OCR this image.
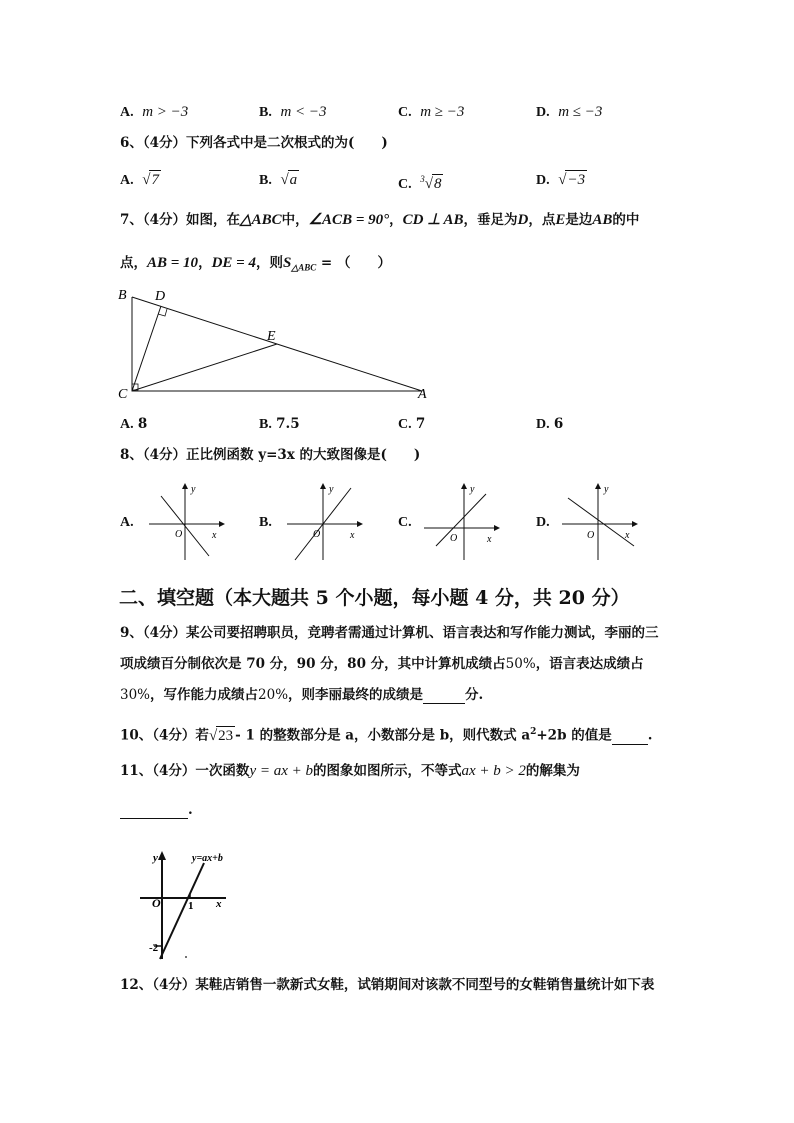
A. m > −3	B. m < −3	C. m ≥ −3	D. m ≤ −3
6、（4分）下列各式中是二次根式的为(　　)
A. √7	B. √a	C. $^3$√8	D. √−3
7、（4分）如图，在△ABC中，∠ACB = 90°，CD ⊥ AB，垂足为D，点E是边AB的中
点，AB = 10，DE = 4，则$S_{\triangle ABC}$ = （　　）
B D
E
C	A
A. 8	B. 7.5	C. 7	D. 6
8、（4分）正比例函数 y=3x 的大致图像是(　　)
A.
y
x
O
B.
y
x
O
C.
y
x
O
D.
y
x
O
二、填空题（本大题共 5 个小题，每小题 4 分，共 20 分）
9、（4分）某公司要招聘职员，竞聘者需通过计算机、语言表达和写作能力测试，李丽的三
项成绩百分制依次是 70 分，90 分，80 分，其中计算机成绩占50%，语言表达成绩占
30%，写作能力成绩占20%，则李丽最终的成绩是	分.
10、（4分）若√23 - 1 的整数部分是 a，小数部分是 b，则代数式 $a^2+2b$ 的值是	.
11、（4分）一次函数y = ax + b的图象如图所示，不等式ax + b > 2的解集为
.
y
x
O 1
-2
y=ax+b
12、（4分）某鞋店销售一款新式女鞋，试销期间对该款不同型号的女鞋销售量统计如下表
